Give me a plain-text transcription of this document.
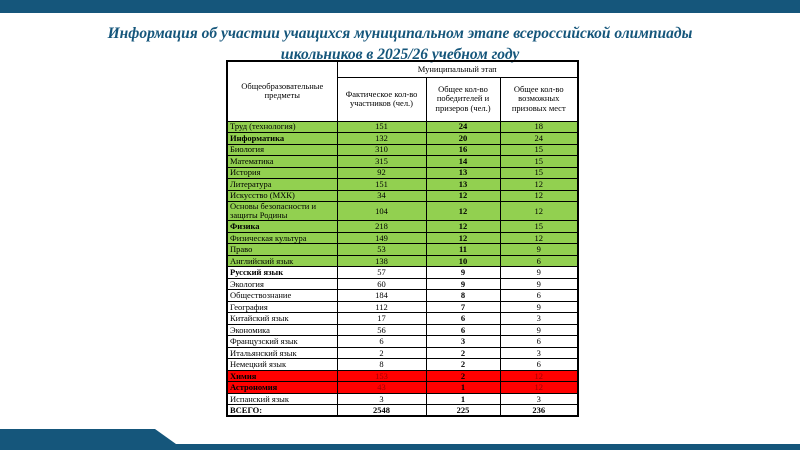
Информация об участии учащихся муниципальном этапе всероссийской олимпиады
школьников в 2025/26 учебном году
Общеобразовательные предметы	Муниципальный этап		
	Фактическое кол-во участников (чел.)	Общее кол-во победителей и призеров (чел.)	Общее кол-во возможных призовых мест
Труд (технология)	151	24	18
Информатика	132	20	24
Биология	310	16	15
Математика	315	14	15
История	92	13	15
Литература	151	13	12
Искусство (МХК)	34	12	12
Основы безопасности и защиты Родины	104	12	12
Физика	218	12	15
Физическая культура	149	12	12
Право	53	11	9
Английский язык	138	10	6
Русский язык	57	9	9
Экология	60	9	9
Обществознание	184	8	6
География	112	7	9
Китайский язык	17	6	3
Экономика	56	6	9
Французский язык	6	3	6
Итальянский язык	2	2	3
Немецкий язык	8	2	6
Химия	153	2	12
Астрономия	43	1	12
Испанский язык	3	1	3
ВСЕГО:	2548	225	236
